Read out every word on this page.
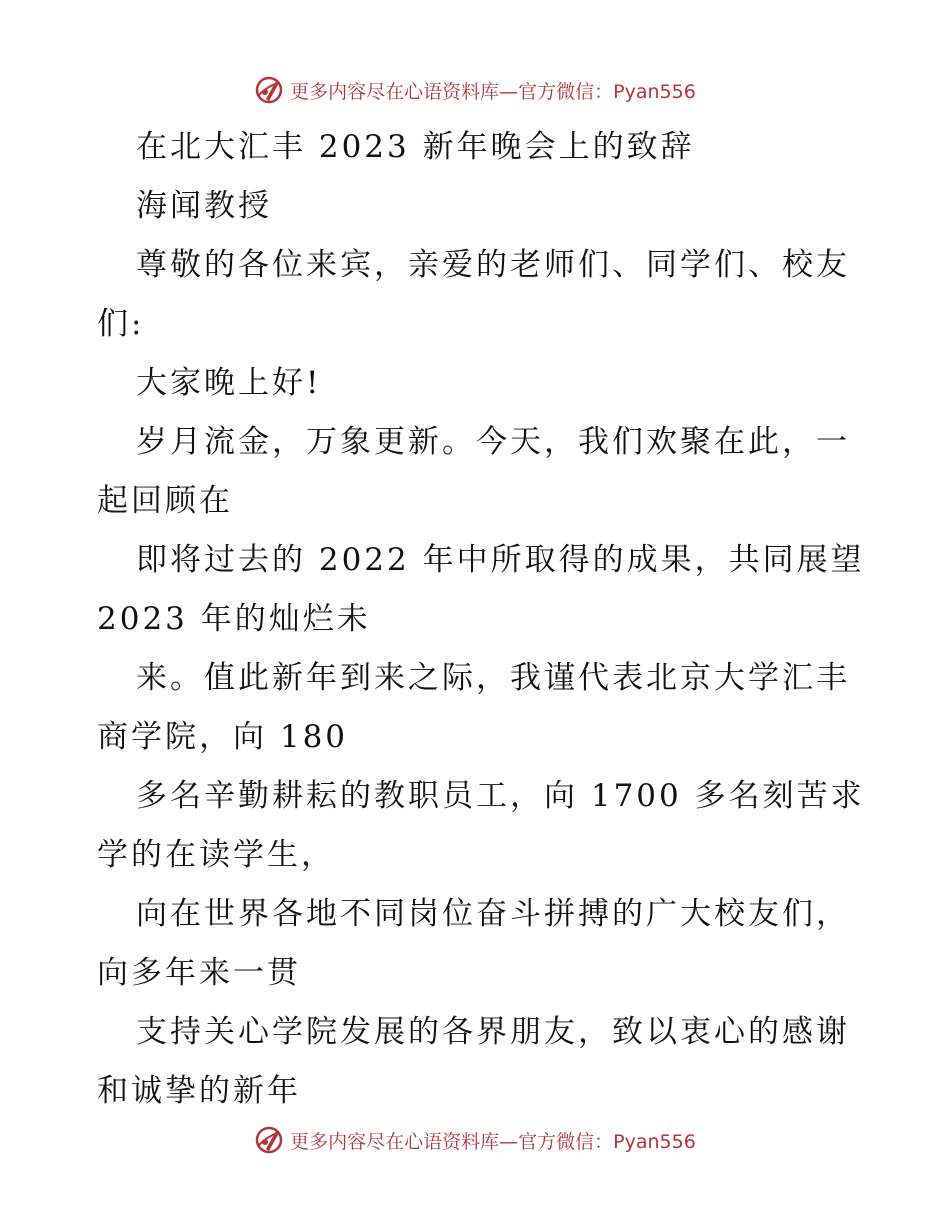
更多内容尽在心语资料库—官方微信：Pyan556
在北大汇丰 2023 新年晚会上的致辞
海闻教授
尊敬的各位来宾，亲爱的老师们、同学们、校友
们:
大家晚上好!
岁月流金，万象更新。今天，我们欢聚在此，一
起回顾在
即将过去的 2022 年中所取得的成果，共同展望
2023 年的灿烂未
来。值此新年到来之际，我谨代表北京大学汇丰
商学院，向 180
多名辛勤耕耘的教职员工，向 1700 多名刻苦求
学的在读学生，
向在世界各地不同岗位奋斗拼搏的广大校友们，
向多年来一贯
支持关心学院发展的各界朋友，致以衷心的感谢
和诚挚的新年
更多内容尽在心语资料库—官方微信：Pyan556
